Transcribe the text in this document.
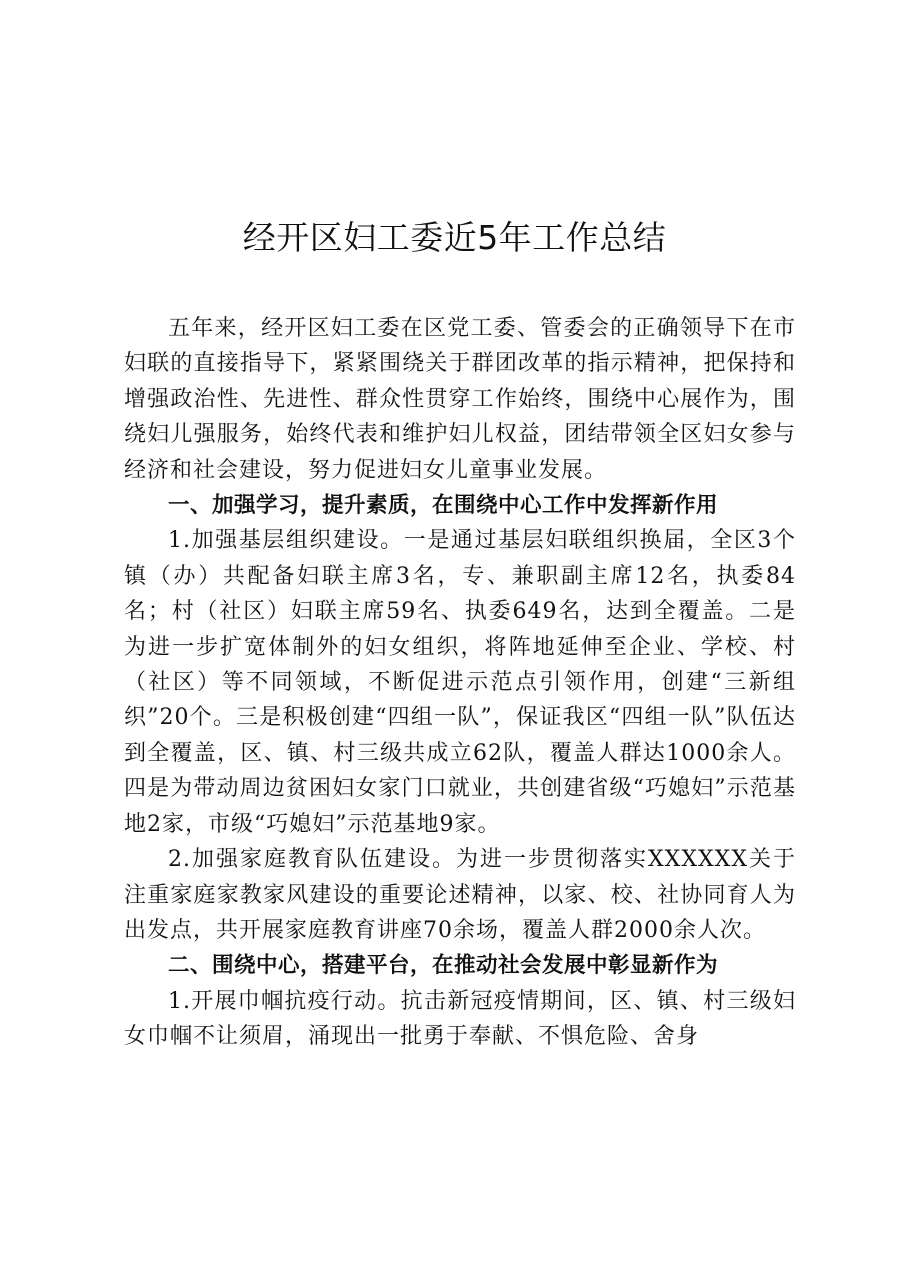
经开区妇工委近5年工作总结

五年来，经开区妇工委在区党工委、管委会的正确领导下在市妇联的直接指导下，紧紧围绕关于群团改革的指示精神，把保持和增强政治性、先进性、群众性贯穿工作始终，围绕中心展作为，围绕妇儿强服务，始终代表和维护妇儿权益，团结带领全区妇女参与经济和社会建设，努力促进妇女儿童事业发展。

一、加强学习，提升素质，在围绕中心工作中发挥新作用

1.加强基层组织建设。一是通过基层妇联组织换届，全区3个镇（办）共配备妇联主席3名，专、兼职副主席12名，执委84名；村（社区）妇联主席59名、执委649名，达到全覆盖。二是为进一步扩宽体制外的妇女组织，将阵地延伸至企业、学校、村（社区）等不同领域，不断促进示范点引领作用，创建“三新组织”20个。三是积极创建“四组一队”，保证我区“四组一队”队伍达到全覆盖，区、镇、村三级共成立62队，覆盖人群达1000余人。四是为带动周边贫困妇女家门口就业，共创建省级“巧媳妇”示范基地2家，市级“巧媳妇”示范基地9家。

2.加强家庭教育队伍建设。为进一步贯彻落实XXXXXX关于注重家庭家教家风建设的重要论述精神，以家、校、社协同育人为出发点，共开展家庭教育讲座70余场，覆盖人群2000余人次。

二、围绕中心，搭建平台，在推动社会发展中彰显新作为

1.开展巾帼抗疫行动。抗击新冠疫情期间，区、镇、村三级妇女巾帼不让须眉，涌现出一批勇于奉献、不惧危险、舍身
